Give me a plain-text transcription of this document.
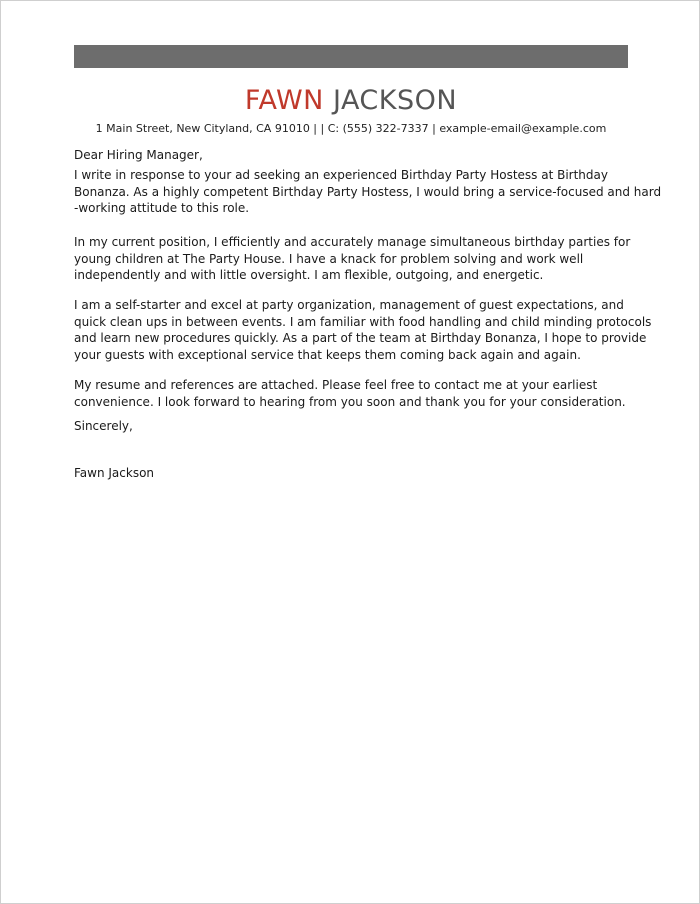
FAWN JACKSON
1 Main Street, New Cityland, CA 91010 | | C: (555) 322-7337 | example-email@example.com
Dear Hiring Manager,
I write in response to your ad seeking an experienced Birthday Party Hostess at Birthday
Bonanza. As a highly competent Birthday Party Hostess, I would bring a service-focused and hard
-working attitude to this role.
In my current position, I efficiently and accurately manage simultaneous birthday parties for
young children at The Party House. I have a knack for problem solving and work well
independently and with little oversight. I am flexible, outgoing, and energetic.
I am a self-starter and excel at party organization, management of guest expectations, and
quick clean ups in between events. I am familiar with food handling and child minding protocols
and learn new procedures quickly. As a part of the team at Birthday Bonanza, I hope to provide
your guests with exceptional service that keeps them coming back again and again.
My resume and references are attached. Please feel free to contact me at your earliest
convenience. I look forward to hearing from you soon and thank you for your consideration.
Sincerely,
Fawn Jackson
